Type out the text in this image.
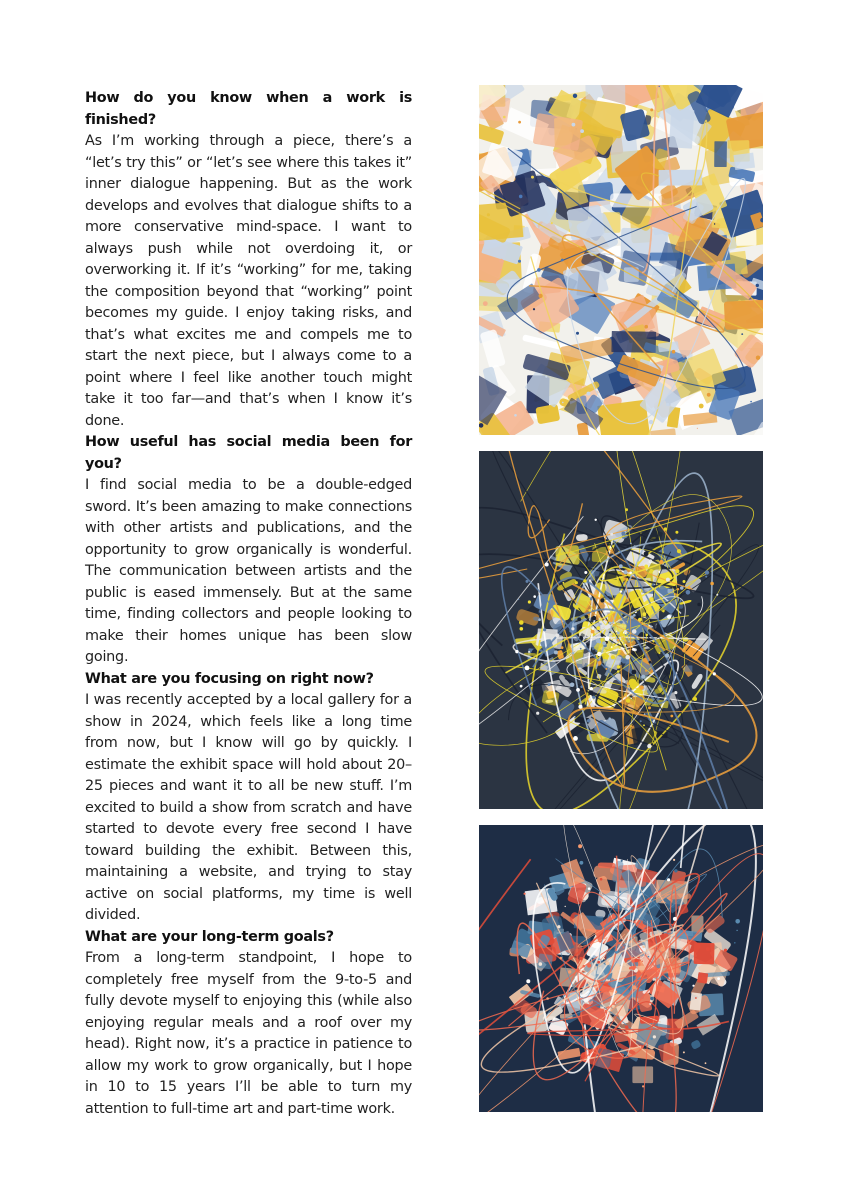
How do you know when a work is finished?

As I’m working through a piece, there’s a “let’s try this” or “let’s see where this takes it” inner dialogue happening. But as the work develops and evolves that dialogue shifts to a more conservative mind-space. I want to always push while not overdoing it, or overworking it. If it’s “working” for me, taking the composition beyond that “working” point becomes my guide. I enjoy taking risks, and that’s what excites me and compels me to start the next piece, but I always come to a point where I feel like another touch might take it too far—and that’s when I know it’s done.

How useful has social media been for you?

I find social media to be a double-edged sword. It’s been amazing to make connections with other artists and publications, and the opportunity to grow organically is wonderful. The communication between artists and the public is eased immensely. But at the same time, finding collectors and people looking to make their homes unique has been slow going.

What are you focusing on right now?

I was recently accepted by a local gallery for a show in 2024, which feels like a long time from now, but I know will go by quickly. I estimate the exhibit space will hold about 20–25 pieces and want it to all be new stuff. I’m excited to build a show from scratch and have started to devote every free second I have toward building the exhibit. Between this, maintaining a website, and trying to stay active on social platforms, my time is well divided.

What are your long-term goals?

From a long-term standpoint, I hope to completely free myself from the 9-to-5 and fully devote myself to enjoying this (while also enjoying regular meals and a roof over my head). Right now, it’s a practice in patience to allow my work to grow organically, but I hope in 10 to 15 years I’ll be able to turn my attention to full-time art and part-time work.
